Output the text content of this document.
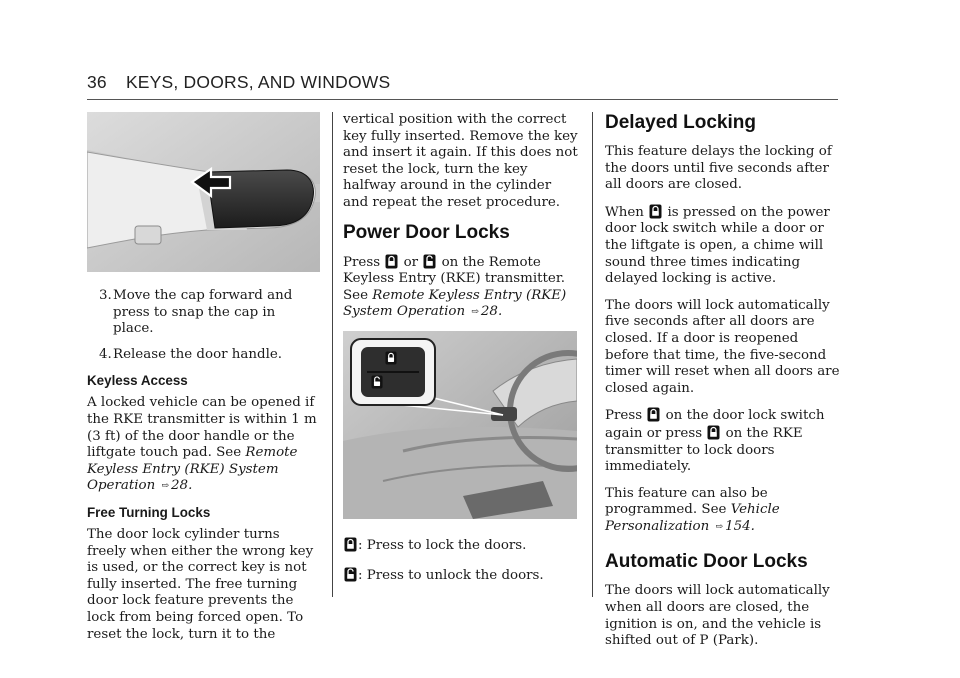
36 KEYS, DOORS, AND WINDOWS
3.Move the cap forward and press to snap the cap in place.
4.Release the door handle.
Keyless Access

A locked vehicle can be opened if the RKE transmitter is within 1 m (3 ft) of the door handle or the liftgate touch pad. See Remote Keyless Entry (RKE) System Operation ⇨ 28.

Free Turning Locks

The door lock cylinder turns freely when either the wrong key is used, or the correct key is not fully inserted. The free turning door lock feature prevents the lock from being forced open. To reset the lock, turn it to the

vertical position with the correct key fully inserted. Remove the key and insert it again. If this does not reset the lock, turn the key halfway around in the cylinder and repeat the reset procedure.

Power Door Locks

Press or on the Remote Keyless Entry (RKE) transmitter. See Remote Keyless Entry (RKE) System Operation ⇨ 28.

: Press to lock the doors.
: Press to unlock the doors.
Delayed Locking

This feature delays the locking of the doors until five seconds after all doors are closed.

When is pressed on the power door lock switch while a door or the liftgate is open, a chime will sound three times indicating delayed locking is active.

The doors will lock automatically five seconds after all doors are closed. If a door is reopened before that time, the five-second timer will reset when all doors are closed again.

Press on the door lock switch again or press on the RKE transmitter to lock doors immediately.

This feature can also be programmed. See Vehicle Personalization ⇨ 154.

Automatic Door Locks

The doors will lock automatically when all doors are closed, the ignition is on, and the vehicle is shifted out of P (Park).
